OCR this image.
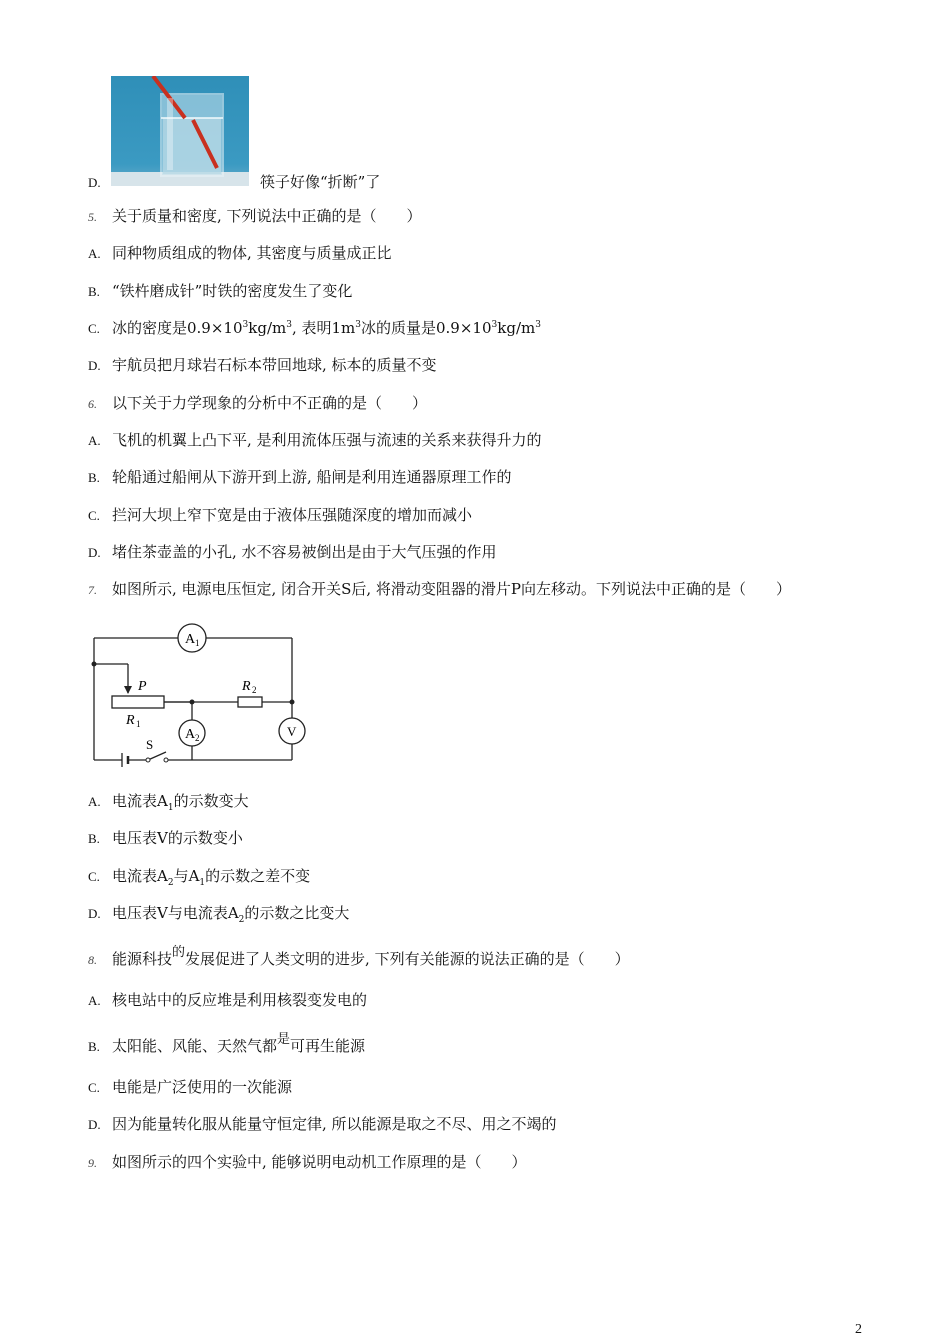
D.	筷子好像“折断”了
5. 关于质量和密度, 下列说法中正确的是（　　）
A. 同种物质组成的物体, 其密度与质量成正比
B. “铁杵磨成针”时铁的密度发生了变化
C. 冰的密度是$0.9\times 10^3kg/m^3$, 表明$1m^3$冰的质量是$0.9\times 10^3kg/m^3$
D. 宇航员把月球岩石标本带回地球, 标本的质量不变
6. 以下关于力学现象的分析中不正确的是（　　）
A. 飞机的机翼上凸下平, 是利用流体压强与流速的关系来获得升力的
B. 轮船通过船闸从下游开到上游, 船闸是利用连通器原理工作的
C. 拦河大坝上窄下宽是由于液体压强随深度的增加而减小
D. 堵住茶壶盖的小孔, 水不容易被倒出是由于大气压强的作用
7. 如图所示, 电源电压恒定, 闭合开关S后, 将滑动变阻器的滑片P向左移动。下列说法中正确的是（　　）
A 1
A 2	V
P
R 1
R 2
S
A. 电流表$A_1$的示数变大
B. 电压表V的示数变小
C. 电流表$A_2$与$A_1$的示数之差不变
D. 电压表V与电流表$A_2$的示数之比变大
8. 能源科技的发展促进了人类文明的进步, 下列有关能源的说法正确的是（　　）
A. 核电站中的反应堆是利用核裂变发电的
B. 太阳能、风能、天然气都是可再生能源
C. 电能是广泛使用的一次能源
D. 因为能量转化服从能量守恒定律, 所以能源是取之不尽、用之不竭的
9. 如图所示的四个实验中, 能够说明电动机工作原理的是（　　）
2
